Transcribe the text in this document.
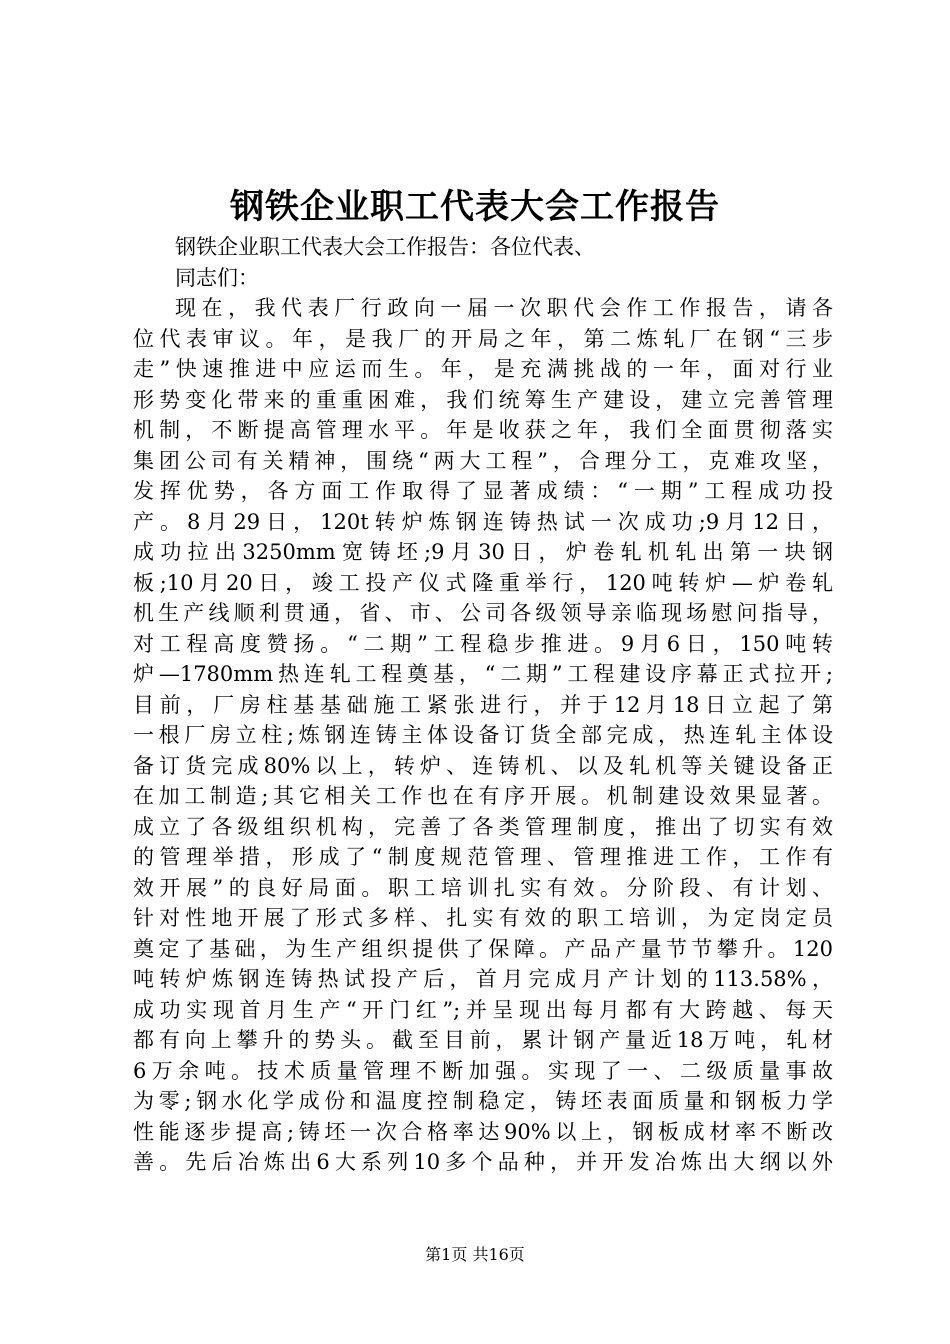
钢铁企业职工代表大会工作报告
钢铁企业职工代表大会工作报告：各位代表、
同志们：
现在，我代表厂行政向一届一次职代会作工作报告，请各
位代表审议。年，是我厂的开局之年，第二炼轧厂在钢“三步
走”快速推进中应运而生。年，是充满挑战的一年，面对行业
形势变化带来的重重困难，我们统筹生产建设，建立完善管理
机制，不断提高管理水平。年是收获之年，我们全面贯彻落实
集团公司有关精神，围绕“两大工程”，合理分工，克难攻坚，
发挥优势，各方面工作取得了显著成绩：“一期”工程成功投
产。8月29日，120t转炉炼钢连铸热试一次成功;9月12日，
成功拉出3250mm宽铸坯;9月30日，炉卷轧机轧出第一块钢
板;10月20日，竣工投产仪式隆重举行，120吨转炉—炉卷轧
机生产线顺利贯通，省、市、公司各级领导亲临现场慰问指导，
对工程高度赞扬。“二期”工程稳步推进。9月6日，150吨转
炉—1780mm热连轧工程奠基，“二期”工程建设序幕正式拉开;
目前，厂房柱基基础施工紧张进行，并于12月18日立起了第
一根厂房立柱;炼钢连铸主体设备订货全部完成，热连轧主体设
备订货完成80%以上，转炉、连铸机、以及轧机等关键设备正
在加工制造;其它相关工作也在有序开展。机制建设效果显著。
成立了各级组织机构，完善了各类管理制度，推出了切实有效
的管理举措，形成了“制度规范管理、管理推进工作，工作有
效开展”的良好局面。职工培训扎实有效。分阶段、有计划、
针对性地开展了形式多样、扎实有效的职工培训，为定岗定员
奠定了基础，为生产组织提供了保障。产品产量节节攀升。120
吨转炉炼钢连铸热试投产后，首月完成月产计划的113.58%，
成功实现首月生产“开门红”;并呈现出每月都有大跨越、每天
都有向上攀升的势头。截至目前，累计钢产量近18万吨，轧材
6万余吨。技术质量管理不断加强。实现了一、二级质量事故
为零;钢水化学成份和温度控制稳定，铸坯表面质量和钢板力学
性能逐步提高;铸坯一次合格率达90%以上，钢板成材率不断改
善。先后冶炼出6大系列10多个品种，并开发冶炼出大纲以外
第1页 共16页
